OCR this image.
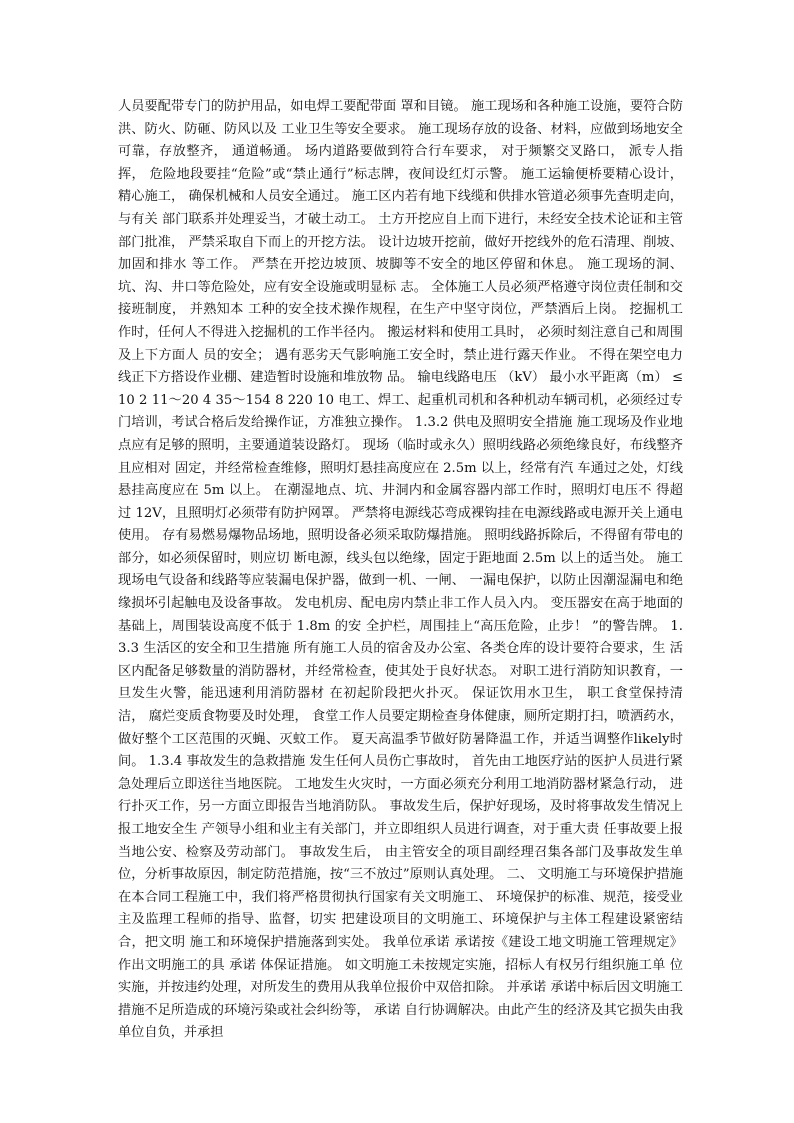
人员要配带专门的防护用品，如电焊工要配带面 罩和目镜。 施工现场和各种施工设施，要符合防洪、防火、防砸、防风以及 工业卫生等安全要求。 施工现场存放的设备、材料，应做到场地安全可靠，存放整齐， 通道畅通。 场内道路要做到符合行车要求， 对于频繁交叉路口， 派专人指挥， 危险地段要挂“危险”或“禁止通行”标志牌，夜间设红灯示警。 施工运输便桥要精心设计， 精心施工， 确保机械和人员安全通过。 施工区内若有地下线缆和供排水管道必须事先查明走向， 与有关 部门联系并处理妥当，才破土动工。 土方开挖应自上而下进行，未经安全技术论证和主管部门批准， 严禁采取自下而上的开挖方法。 设计边坡开挖前，做好开挖线外的危石清理、削坡、加固和排水 等工作。 严禁在开挖边坡顶、坡脚等不安全的地区停留和休息。 施工现场的洞、坑、沟、井口等危险处，应有安全设施或明显标 志。 全体施工人员必须严格遵守岗位责任制和交接班制度， 并熟知本 工种的安全技术操作规程，在生产中坚守岗位，严禁酒后上岗。 挖掘机工作时，任何人不得进入挖掘机的工作半径内。 搬运材料和使用工具时， 必须时刻注意自己和周围及上下方面人 员的安全； 遇有恶劣天气影响施工安全时，禁止进行露天作业。 不得在架空电力线正下方搭设作业棚、建造暂时设施和堆放物 品。 输电线路电压 （kV） 最小水平距离（m） ≤10 2 11～20 4 35～154 8 220 10 电工、焊工、起重机司机和各种机动车辆司机，必须经过专门培训，考试合格后发给操作证，方准独立操作。 1.3.2 供电及照明安全措施 施工现场及作业地点应有足够的照明，主要通道装设路灯。 现场（临时或永久）照明线路必须绝缘良好，布线整齐且应相对 固定，并经常检查维修，照明灯悬挂高度应在 2.5m 以上，经常有汽 车通过之处，灯线悬挂高度应在 5m 以上。 在潮湿地点、坑、井洞内和金属容器内部工作时，照明灯电压不 得超过 12V，且照明灯必须带有防护网罩。 严禁将电源线芯弯成裸钩挂在电源线路或电源开关上通电使用。 存有易燃易爆物品场地，照明设备必须采取防爆措施。 照明线路拆除后，不得留有带电的部分，如必须保留时，则应切 断电源，线头包以绝缘，固定于距地面 2.5m 以上的适当处。 施工现场电气设备和线路等应装漏电保护器，做到一机、一闸、 一漏电保护，以防止因潮湿漏电和绝缘损坏引起触电及设备事故。 发电机房、配电房内禁止非工作人员入内。 变压器安在高于地面的基础上，周围装设高度不低于 1.8m 的安 全护栏，周围挂上“高压危险，止步！ ”的警告牌。 1.3.3 生活区的安全和卫生措施 所有施工人员的宿舍及办公室、各类仓库的设计要符合要求，生 活区内配备足够数量的消防器材，并经常检查，使其处于良好状态。 对职工进行消防知识教育，一旦发生火警，能迅速利用消防器材 在初起阶段把火扑灭。 保证饮用水卫生， 职工食堂保持清洁， 腐烂变质食物要及时处理， 食堂工作人员要定期检查身体健康，厕所定期打扫，喷洒药水，做好整个工区范围的灭蝇、灭蚊工作。 夏天高温季节做好防暑降温工作，并适当调整作likely时间。 1.3.4 事故发生的急救措施 发生任何人员伤亡事故时， 首先由工地医疗站的医护人员进行紧 急处理后立即送往当地医院。 工地发生火灾时，一方面必须充分利用工地消防器材紧急行动， 进行扑灭工作，另一方面立即报告当地消防队。 事故发生后，保护好现场，及时将事故发生情况上报工地安全生 产领导小组和业主有关部门，并立即组织人员进行调查，对于重大责 任事故要上报当地公安、检察及劳动部门。 事故发生后， 由主管安全的项目副经理召集各部门及事故发生单 位，分析事故原因，制定防范措施，按“三不放过”原则认真处理。 二、 文明施工与环境保护措施在本合同工程施工中，我们将严格贯彻执行国家有关文明施工、 环境保护的标准、规范，接受业主及监理工程师的指导、监督，切实 把建设项目的文明施工、环境保护与主体工程建设紧密结合，把文明 施工和环境保护措施落到实处。 我单位承诺 承诺按《建设工地文明施工管理规定》作出文明施工的具 承诺 体保证措施。 如文明施工未按规定实施，招标人有权另行组织施工单 位实施，并按违约处理，对所发生的费用从我单位报价中双倍扣除。 并承诺 承诺中标后因文明施工措施不足所造成的环境污染或社会纠纷等， 承诺 自行协调解决。由此产生的经济及其它损失由我单位自负，并承担
